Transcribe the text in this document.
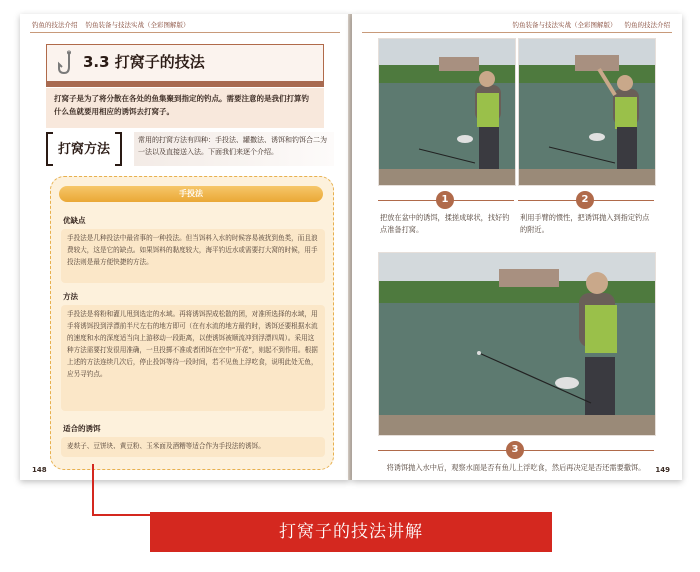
钓鱼的技法介绍 钓鱼装备与技法实战（全彩图解版）
3.3 打窝子的技法
打窝子是为了将分散在各处的鱼集聚到指定的钓点。需要注意的是我们打算钓什么鱼就要用相应的诱饵去打窝子。
打窝方法
常用的打窝方法有四种：手投法、罐撒法、诱饵和钓饵合二为一法以及直接送入法。下面我们来逐个介绍。
手投法
优缺点
手投法是几种投法中最省事的一种投法。但当饵料入水的时候容易被扰到鱼类，而且浪费较大，这是它的缺点。如果饵料的黏度较大，海平钓近水或需要打大窝的时候，用手投法则是最方便快捷的方法。
方法
手投法是将粉和灌儿甩到选定的水域。再将诱饵捏成松散的团，对准所选择的水域，用手将诱饵投到浮漂前半尺左右的地方即可（在有水流的地方最钓时，诱饵还要根据水流的速度和水的深度适当向上游移动一段距离，以使诱饵被顺流冲到浮漂四周）。采用这种方法需要打发很用准确，一旦投掷不准或者团饵在空中“开花”，则起不到作用。根据上述的方法连续几次后，停止投饵等待一段时间，若不见鱼上浮吃食，说明此处无鱼，应另寻钓点。
适合的诱饵
麦麸子、豆饼块、黄豆粉、玉米面及酒糟等适合作为手投法的诱饵。
148
钓鱼装备与技法实战（全彩图解版） 钓鱼的技法介绍
1	2
把放在盆中的诱饵，揉搓成球状，找好钓点准备打窝。
利用手臂的惯性，把诱饵抛入到指定钓点的附近。
3
将诱饵抛入水中后，观察水面是否有鱼儿上浮吃食，然后再决定是否还需要撒饵。	149
打窝子的技法讲解
